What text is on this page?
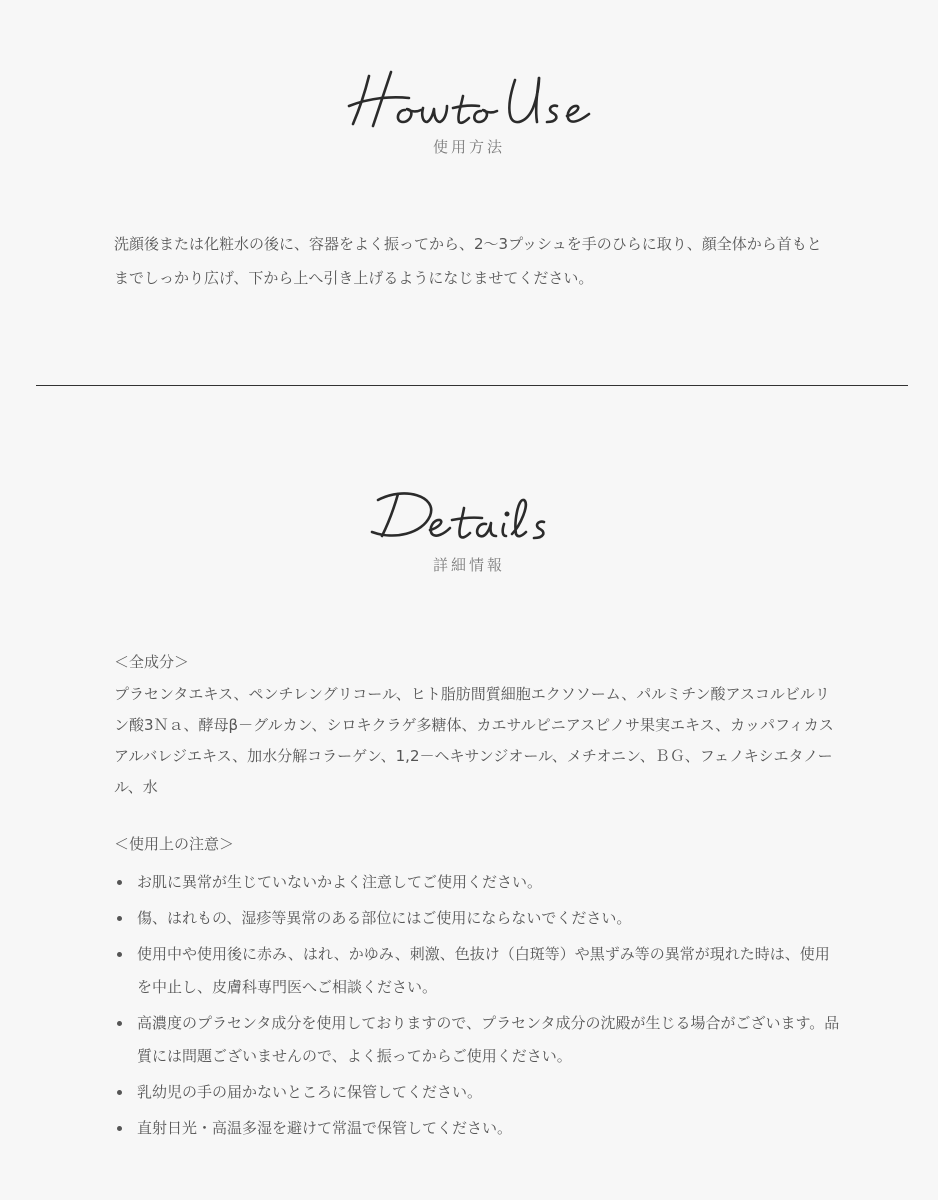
How to Use
使用方法

洗顔後または化粧水の後に、容器をよく振ってから、2〜3プッシュを手のひらに取り、顔全体から首もとまでしっかり広げ、下から上へ引き上げるようになじませてください。

Details
詳細情報
＜全成分＞

プラセンタエキス、ペンチレングリコール、ヒト脂肪間質細胞エクソソーム、パルミチン酸アスコルビルリン酸3Ｎａ、酵母β－グルカン、シロキクラゲ多糖体、カエサルピニアスピノサ果実エキス、カッパフィカスアルバレジエキス、加水分解コラーゲン、1,2－ヘキサンジオール、メチオニン、ＢＧ、フェノキシエタノール、水

＜使用上の注意＞
お肌に異常が生じていないかよく注意してご使用ください。
傷、はれもの、湿疹等異常のある部位にはご使用にならないでください。
使用中や使用後に赤み、はれ、かゆみ、刺激、色抜け（白斑等）や黒ずみ等の異常が現れた時は、使用を中止し、皮膚科専門医へご相談ください。
高濃度のプラセンタ成分を使用しておりますので、プラセンタ成分の沈殿が生じる場合がございます。品質には問題ございませんので、よく振ってからご使用ください。
乳幼児の手の届かないところに保管してください。
直射日光・高温多湿を避けて常温で保管してください。
